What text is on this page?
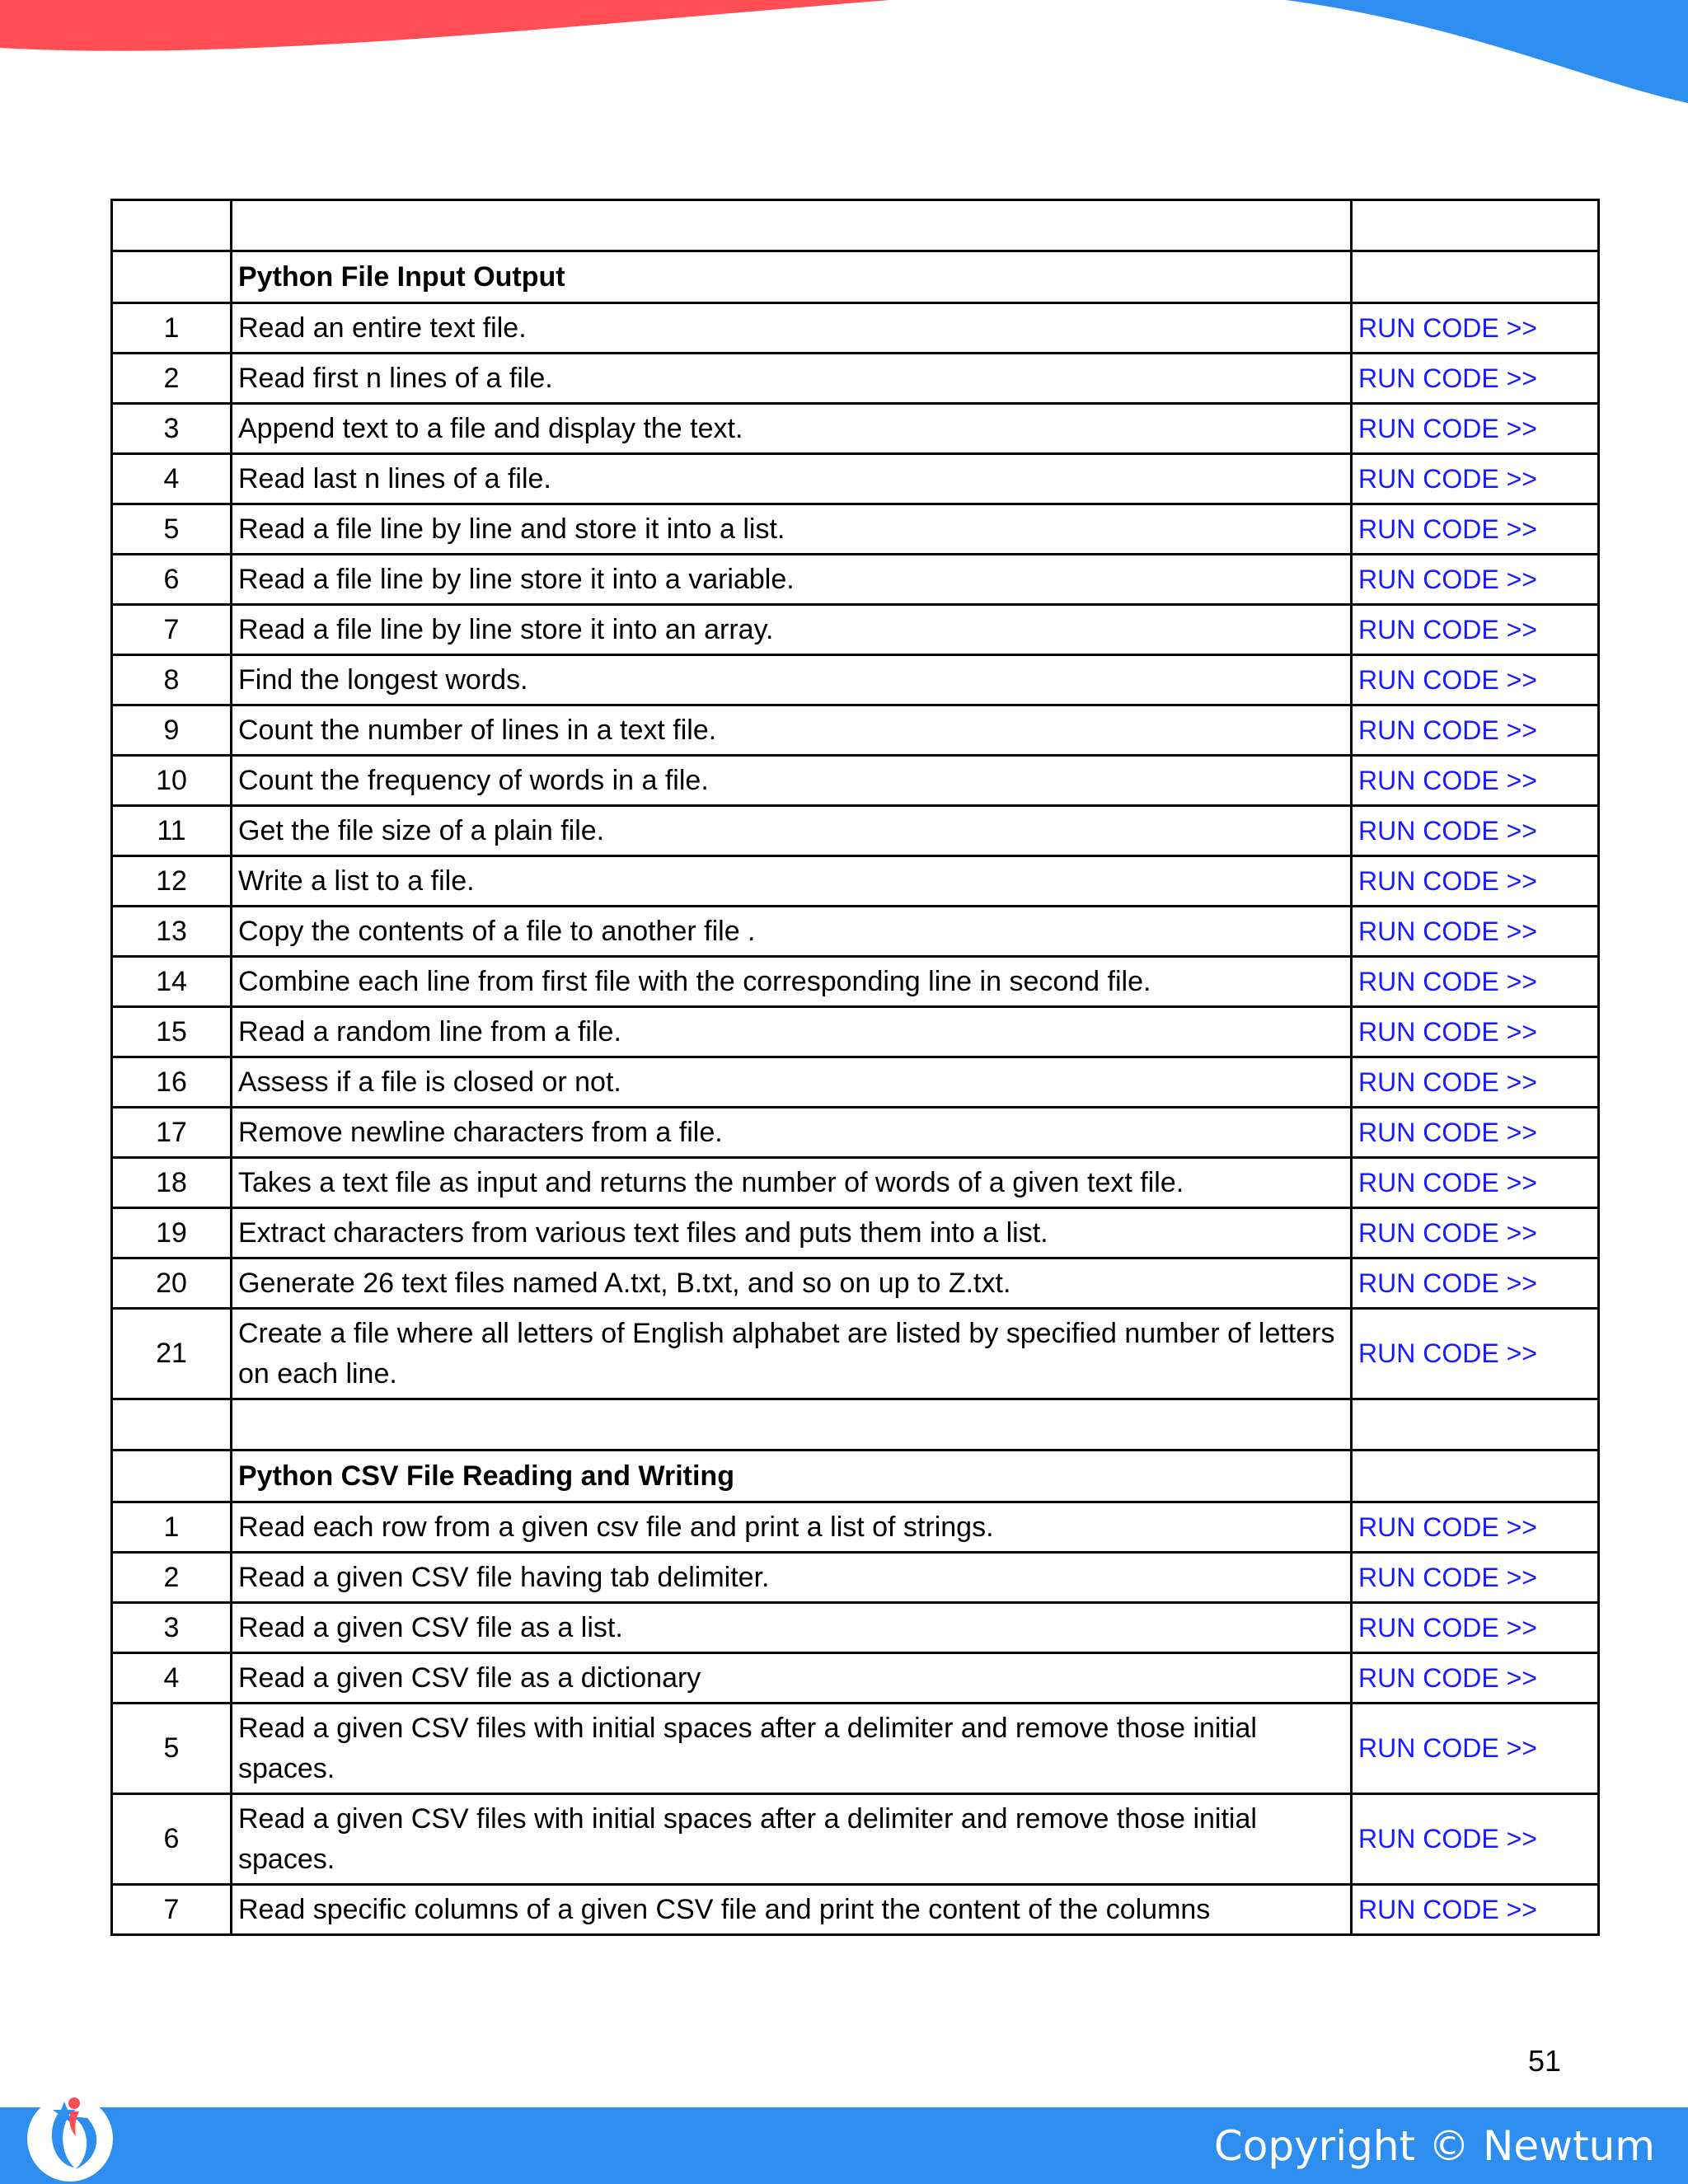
	Python File Input Output	
1	Read an entire text file.	RUN CODE >>
2	Read first n lines of a file.	RUN CODE >>
3	Append text to a file and display the text.	RUN CODE >>
4	Read last n lines of a file.	RUN CODE >>
5	Read a file line by line and store it into a list.	RUN CODE >>
6	Read a file line by line store it into a variable.	RUN CODE >>
7	Read a file line by line store it into an array.	RUN CODE >>
8	Find the longest words.	RUN CODE >>
9	Count the number of lines in a text file.	RUN CODE >>
10	Count the frequency of words in a file.	RUN CODE >>
11	Get the file size of a plain file.	RUN CODE >>
12	Write a list to a file.	RUN CODE >>
13	Copy the contents of a file to another file .	RUN CODE >>
14	Combine each line from first file with the corresponding line in second file.	RUN CODE >>
15	Read a random line from a file.	RUN CODE >>
16	Assess if a file is closed or not.	RUN CODE >>
17	Remove newline characters from a file.	RUN CODE >>
18	Takes a text file as input and returns the number of words of a given text file.	RUN CODE >>
19	Extract characters from various text files and puts them into a list.	RUN CODE >>
20	Generate 26 text files named A.txt, B.txt, and so on up to Z.txt.	RUN CODE >>
21	Create a file where all letters of English alphabet are listed by specified number of letters on each line.	RUN CODE >>

	Python CSV File Reading and Writing	
1	Read each row from a given csv file and print a list of strings.	RUN CODE >>
2	Read a given CSV file having tab delimiter.	RUN CODE >>
3	Read a given CSV file as a list.	RUN CODE >>
4	Read a given CSV file as a dictionary	RUN CODE >>
5	Read a given CSV files with initial spaces after a delimiter and remove those initial spaces.	RUN CODE >>
6	Read a given CSV files with initial spaces after a delimiter and remove those initial spaces.	RUN CODE >>
7	Read specific columns of a given CSV file and print the content of the columns	RUN CODE >>
51
Copyright © Newtum
